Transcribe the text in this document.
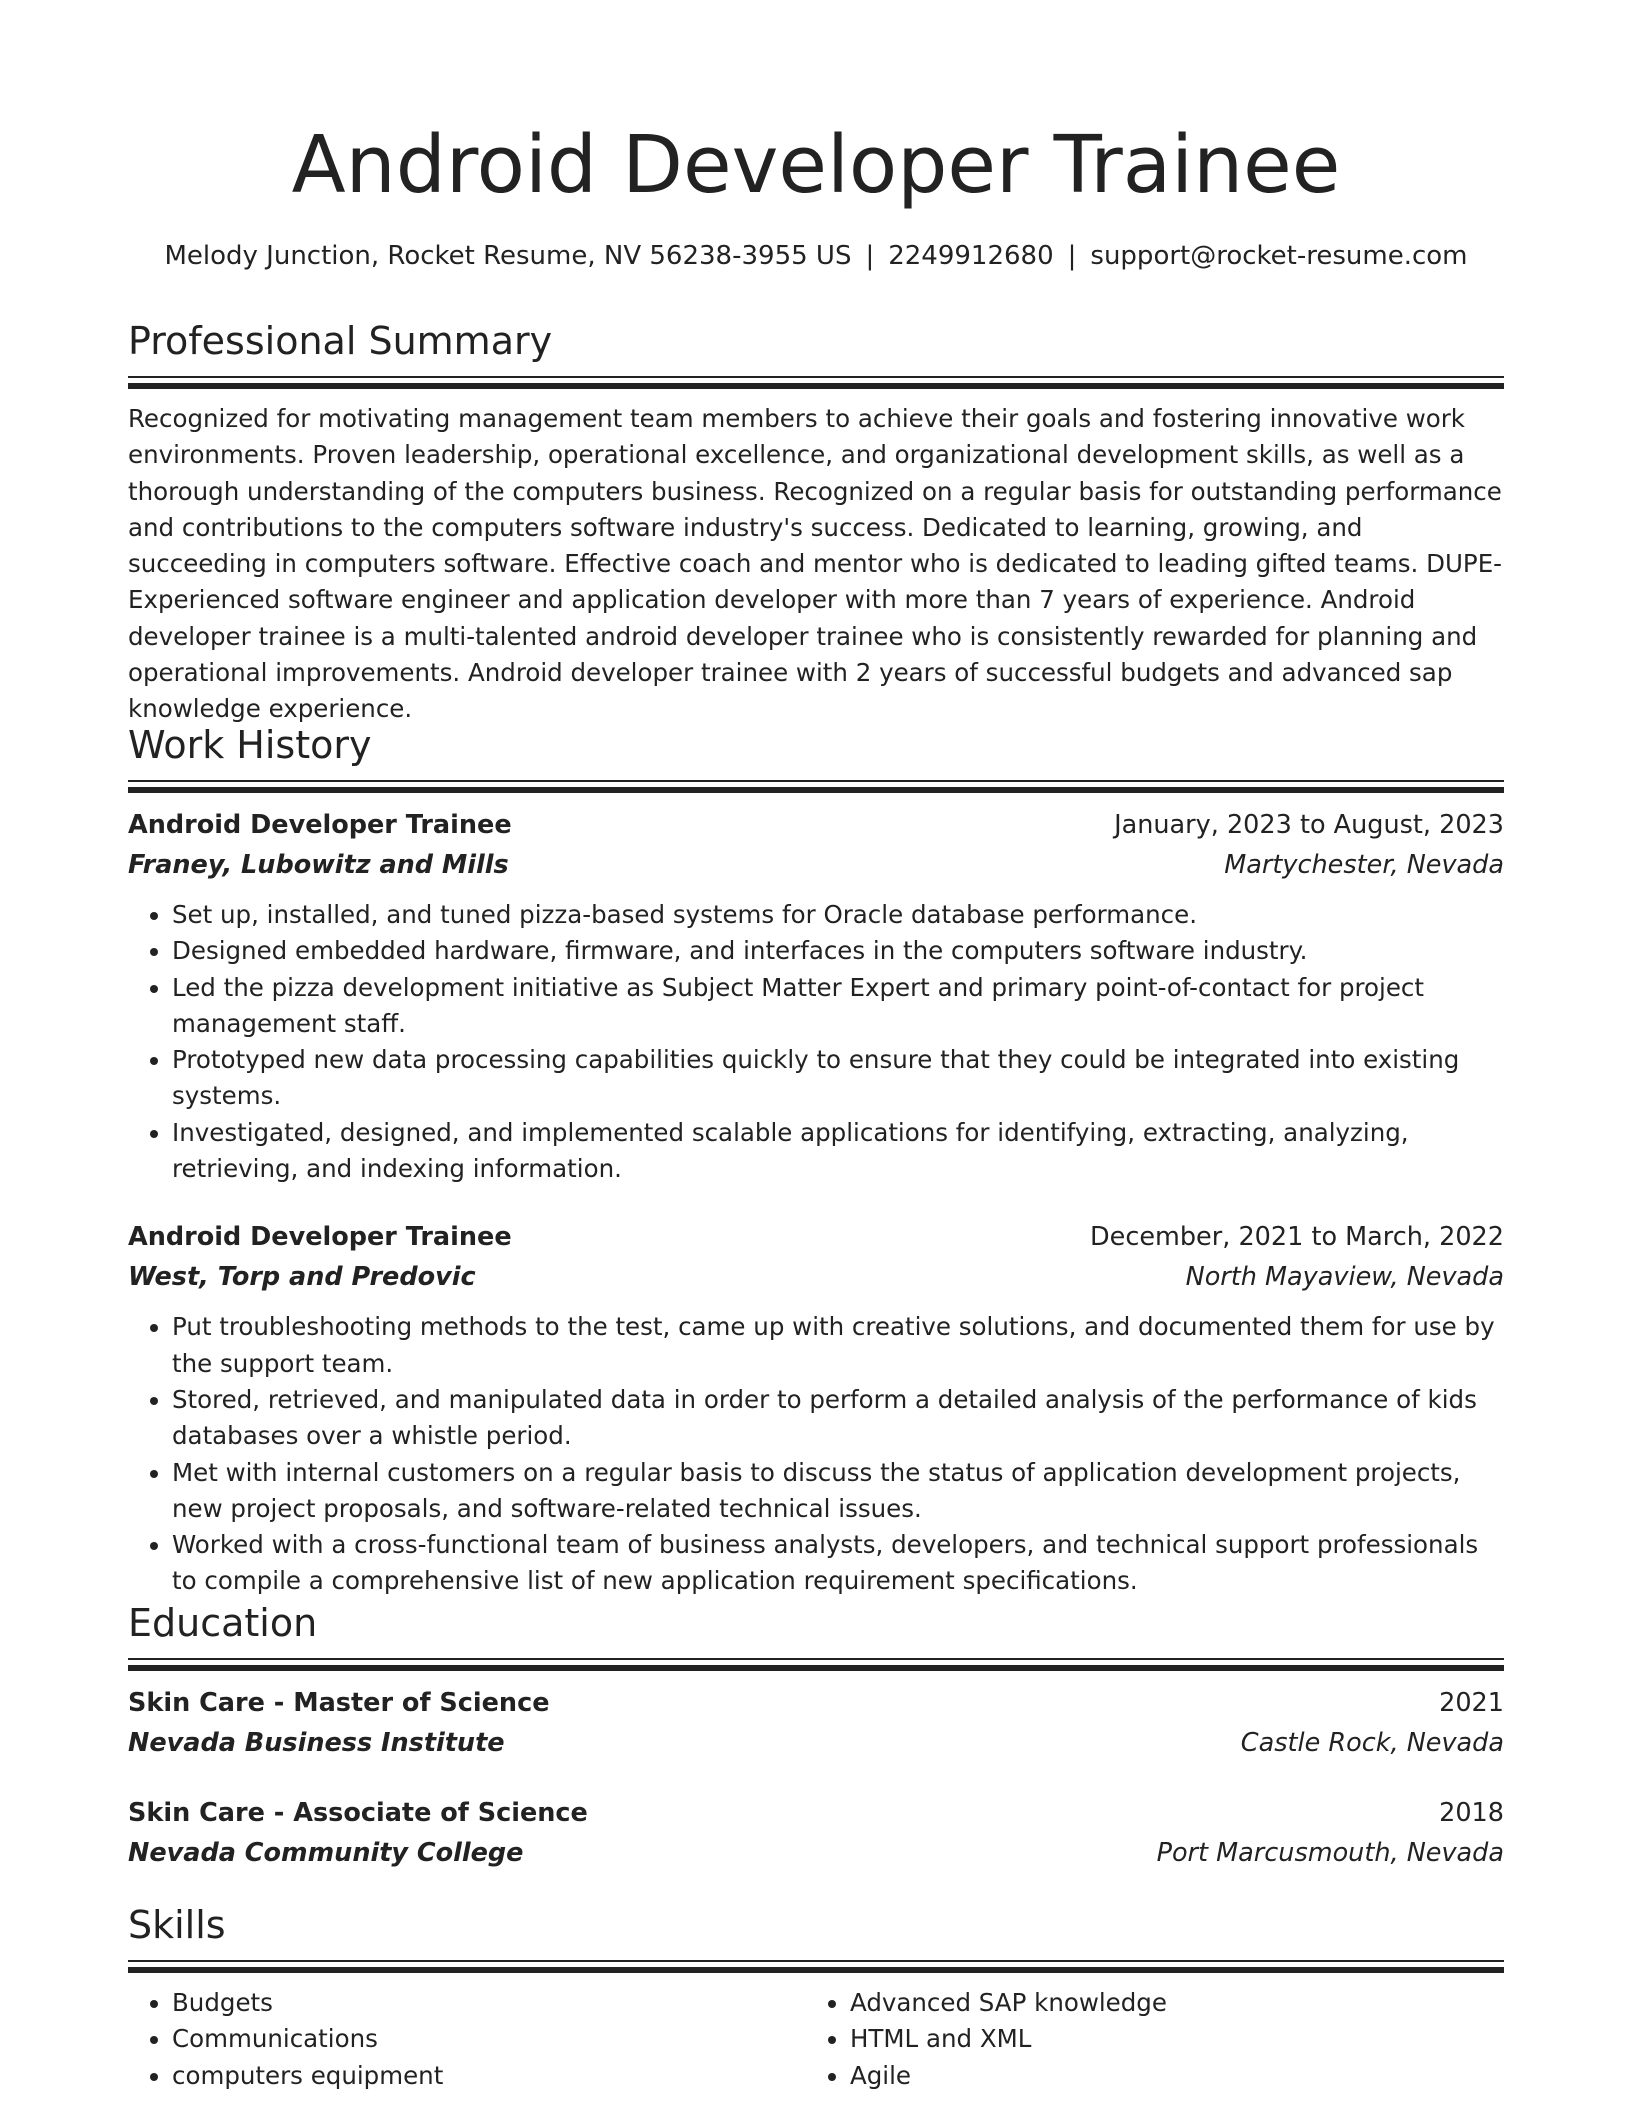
Android Developer Trainee
Melody Junction, Rocket Resume, NV 56238-3955 US | 2249912680 | support@rocket-resume.com
Professional Summary

Recognized for motivating management team members to achieve their goals and fostering innovative work environments. Proven leadership, operational excellence, and organizational development skills, as well as a thorough understanding of the computers business. Recognized on a regular basis for outstanding performance and contributions to the computers software industry's success. Dedicated to learning, growing, and succeeding in computers software. Effective coach and mentor who is dedicated to leading gifted teams. DUPE- Experienced software engineer and application developer with more than 7 years of experience. Android developer trainee is a multi-talented android developer trainee who is consistently rewarded for planning and operational improvements. Android developer trainee with 2 years of successful budgets and advanced sap knowledge experience.

Work History
Android Developer Trainee	January, 2023 to August, 2023
Franey, Lubowitz and Mills	Martychester, Nevada
• Set up, installed, and tuned pizza-based systems for Oracle database performance.
• Designed embedded hardware, firmware, and interfaces in the computers software industry.
• Led the pizza development initiative as Subject Matter Expert and primary point-of-contact for project management staff.
• Prototyped new data processing capabilities quickly to ensure that they could be integrated into existing systems.
• Investigated, designed, and implemented scalable applications for identifying, extracting, analyzing, retrieving, and indexing information.
Android Developer Trainee	December, 2021 to March, 2022
West, Torp and Predovic	North Mayaview, Nevada
• Put troubleshooting methods to the test, came up with creative solutions, and documented them for use by the support team.
• Stored, retrieved, and manipulated data in order to perform a detailed analysis of the performance of kids databases over a whistle period.
• Met with internal customers on a regular basis to discuss the status of application development projects, new project proposals, and software-related technical issues.
• Worked with a cross-functional team of business analysts, developers, and technical support professionals to compile a comprehensive list of new application requirement specifications.
Education
Skin Care - Master of Science	2021
Nevada Business Institute	Castle Rock, Nevada
Skin Care - Associate of Science	2018
Nevada Community College	Port Marcusmouth, Nevada
Skills
• Budgets
• Communications
• computers equipment
• Advanced SAP knowledge
• HTML and XML
• Agile
